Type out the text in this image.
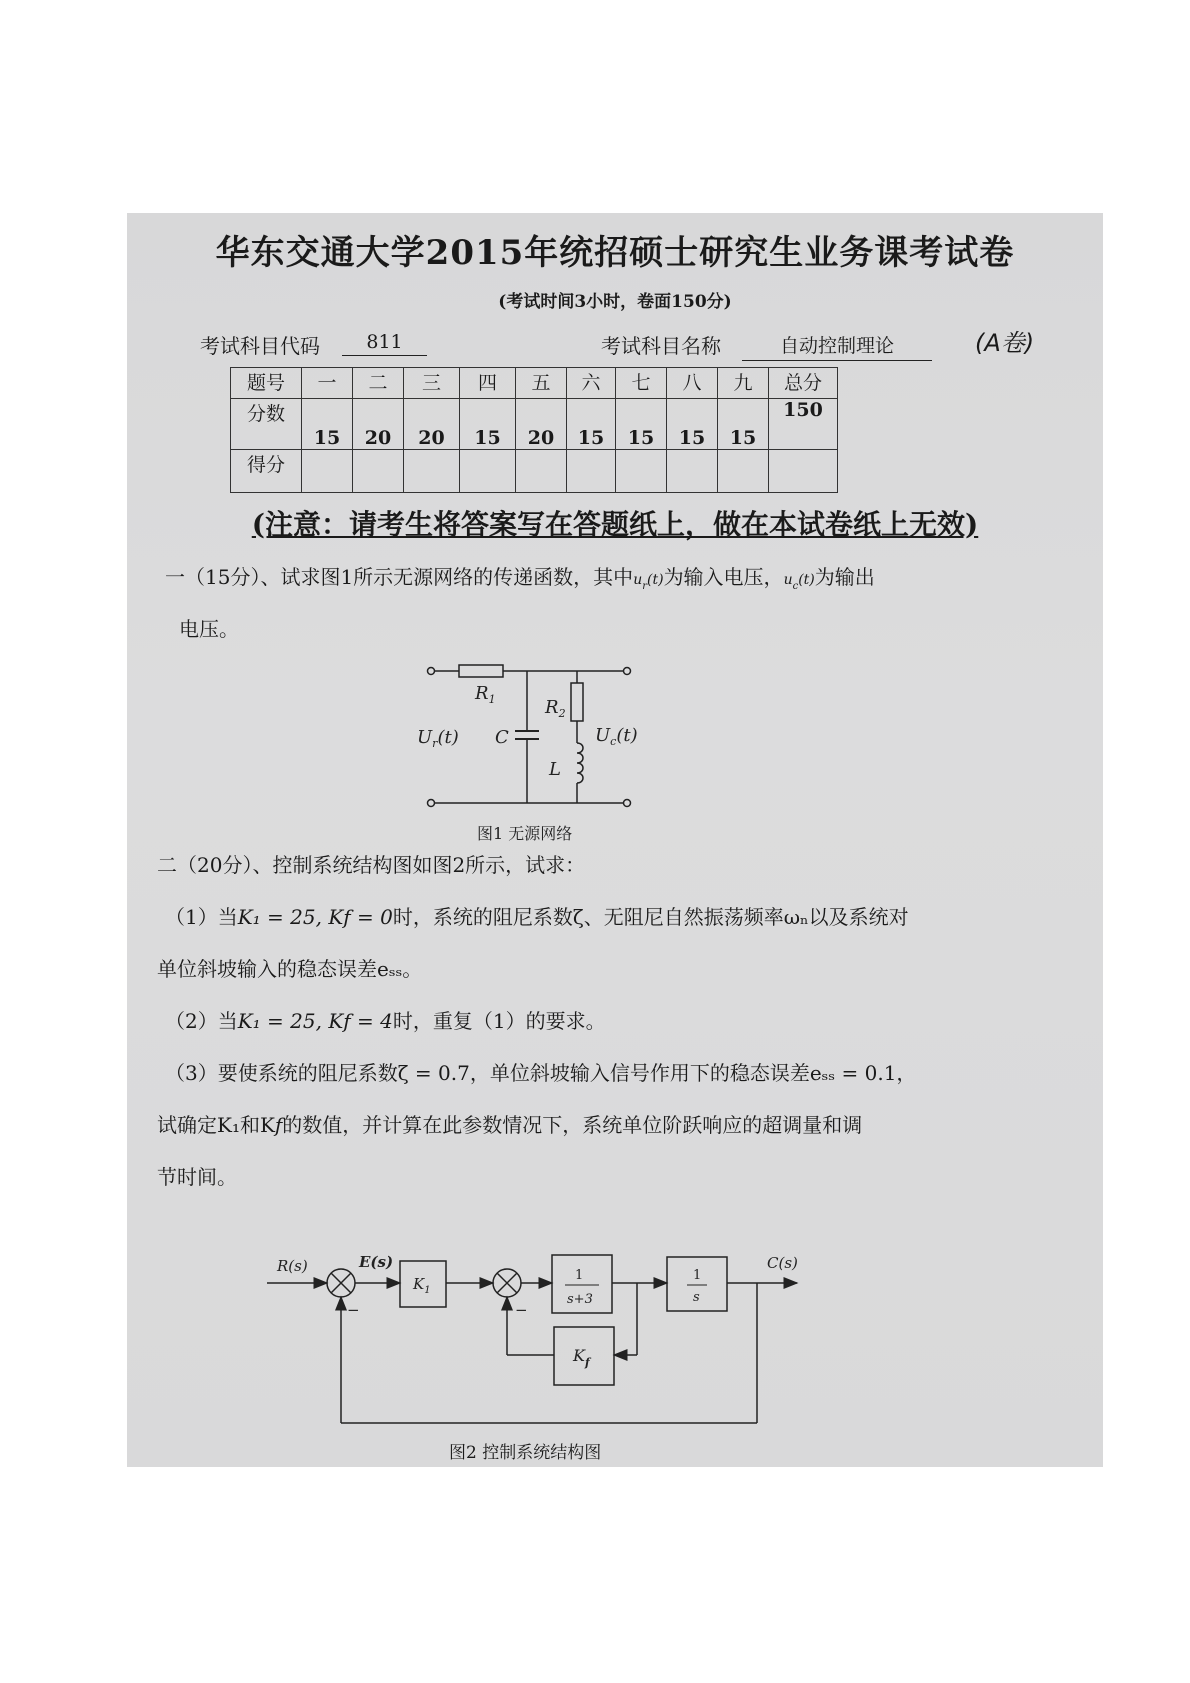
华东交通大学2015年统招硕士研究生业务课考试卷
(考试时间3小时，卷面150分)
考试科目代码	811	考试科目名称	自动控制理论	(A卷)
题号	一	二	三	四	五	六	七	八	九	总分
分数	15	20	20	15	20	15	15	15	15	150
得分										
(注意：请考生将答案写在答题纸上，做在本试卷纸上无效)
一（15分）、试求图1所示无源网络的传递函数，其中$u_r(t)$为输入电压，$u_c(t)$为输出
电压。
$R_1$	$R_2$
C
L
$U_r(t)$	$U_c(t)$
图1 无源网络
二（20分）、控制系统结构图如图2所示，试求：
（1）当K₁ = 25, K𝑓 = 0时，系统的阻尼系数ζ、无阻尼自然振荡频率ωₙ以及系统对
单位斜坡输入的稳态误差eₛₛ。
（2）当K₁ = 25, K𝑓 = 4时，重复（1）的要求。
（3）要使系统的阻尼系数ζ = 0.7，单位斜坡输入信号作用下的稳态误差eₛₛ = 0.1，
试确定K₁和K𝑓的数值，并计算在此参数情况下，系统单位阶跃响应的超调量和调
节时间。
R(s)	E(s)
$K_1$
1
s+3
1
s
$K_f$
C(s)
−	−
图2 控制系统结构图
